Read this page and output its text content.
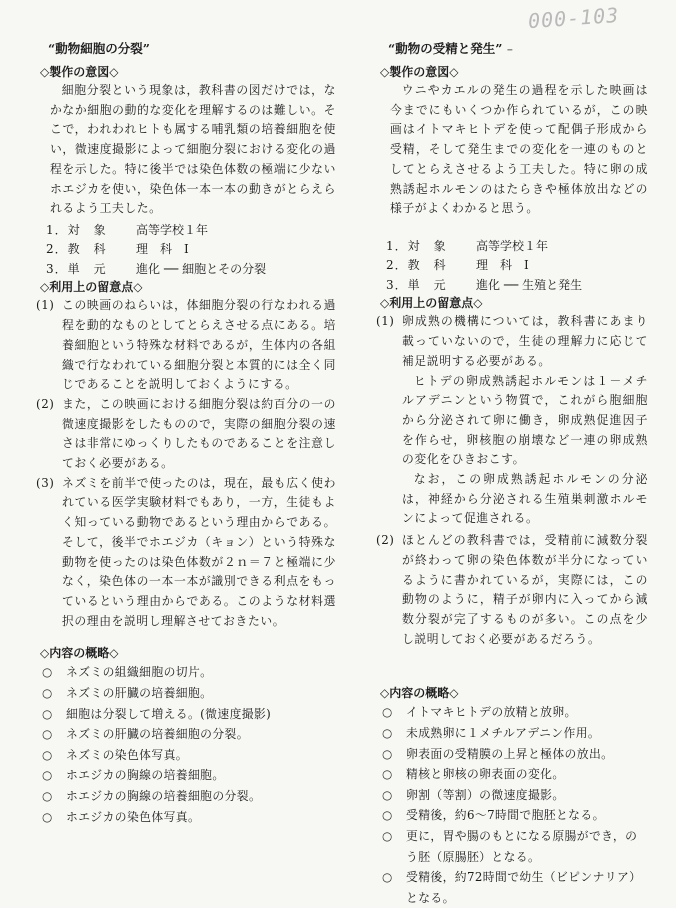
000-103
“動物細胞の分裂”
◇製作の意図◇

細胞分裂という現象は，教科書の図だけでは，なかなか細胞の動的な変化を理解するのは難しい。そこで，われわれヒトも属する哺乳類の培養細胞を使い，微速度撮影によって細胞分裂における変化の過程を示した。特に後半では染色体数の極端に少ないホエジカを使い，染色体一本一本の動きがとらえられるよう工夫した。

1．対　象	高等学校１年
2．教　科	理　科　I
3．単　元	進化 ── 細胞とその分裂
◇利用上の留意点◇
(1) この映画のねらいは，体細胞分裂の行なわれる過程を動的なものとしてとらえさせる点にある。培養細胞という特殊な材料であるが，生体内の各組織で行なわれている細胞分裂と本質的には全く同じであることを説明しておくようにする。
(2) また，この映画における細胞分裂は約百分の一の微速度撮影をしたものので，実際の細胞分裂の速さは非常にゆっくりしたものであることを注意しておく必要がある。
(3) ネズミを前半で使ったのは，現在，最も広く使われている医学実験材料でもあり，一方，生徒もよく知っている動物であるという理由からである。そして，後半でホエジカ（キョン）という特殊な動物を使ったのは染色体数が２ｎ＝７と極端に少なく，染色体の一本一本が識別できる利点をもっているという理由からである。このような材料選択の理由を説明し理解させておきたい。
◇内容の概略◇
○	ネズミの組織細胞の切片。
○	ネズミの肝臓の培養細胞。
○	細胞は分裂して増える。(微速度撮影)
○	ネズミの肝臓の培養細胞の分裂。
○	ネズミの染色体写真。
○	ホエジカの胸線の培養細胞。
○	ホエジカの胸線の培養細胞の分裂。
○	ホエジカの染色体写真。
“動物の受精と発生” –
◇製作の意図◇

ウニやカエルの発生の過程を示した映画は今までにもいくつか作られているが，この映画はイトマキヒトデを使って配偶子形成から受精，そして発生までの変化を一連のものとしてとらえさせるよう工夫した。特に卵の成熟誘起ホルモンのはたらきや極体放出などの様子がよくわかると思う。

1．対　象	高等学校１年
2．教　科	理　科　I
3．単　元	進化 ── 生殖と発生
◇利用上の留意点◇
(1) 卵成熟の機構については，教科書にあまり載っていないので，生徒の理解力に応じて補足説明する必要がある。

ヒトデの卵成熟誘起ホルモンは１－メチルアデニンという物質で，これがら胞細胞から分泌されて卵に働き，卵成熟促進因子を作らせ，卵核胞の崩壊など一連の卵成熟の変化をひきおこす。

なお，この卵成熟誘起ホルモンの分泌は，神経から分泌される生殖巣刺激ホルモンによって促進される。

(2) ほとんどの教科書では，受精前に減数分裂が終わって卵の染色体数が半分になっているように書かれているが，実際には，この動物のように，精子が卵内に入ってから減数分裂が完了するものが多い。この点を少し説明しておく必要があるだろう。
◇内容の概略◇
○	イトマキヒトデの放精と放卵。
○	未成熟卵に１メチルアデニン作用。
○	卵表面の受精膜の上昇と極体の放出。
○	精核と卵核の卵表面の変化。
○	卵割（等割）の微速度撮影。
○	受精後，約6～7時間で胞胚となる。
○	更に，胃や腸のもとになる原腸ができ，のう胚（原腸胚）となる。
○	受精後，約72時間で幼生（ビピンナリア）となる。
